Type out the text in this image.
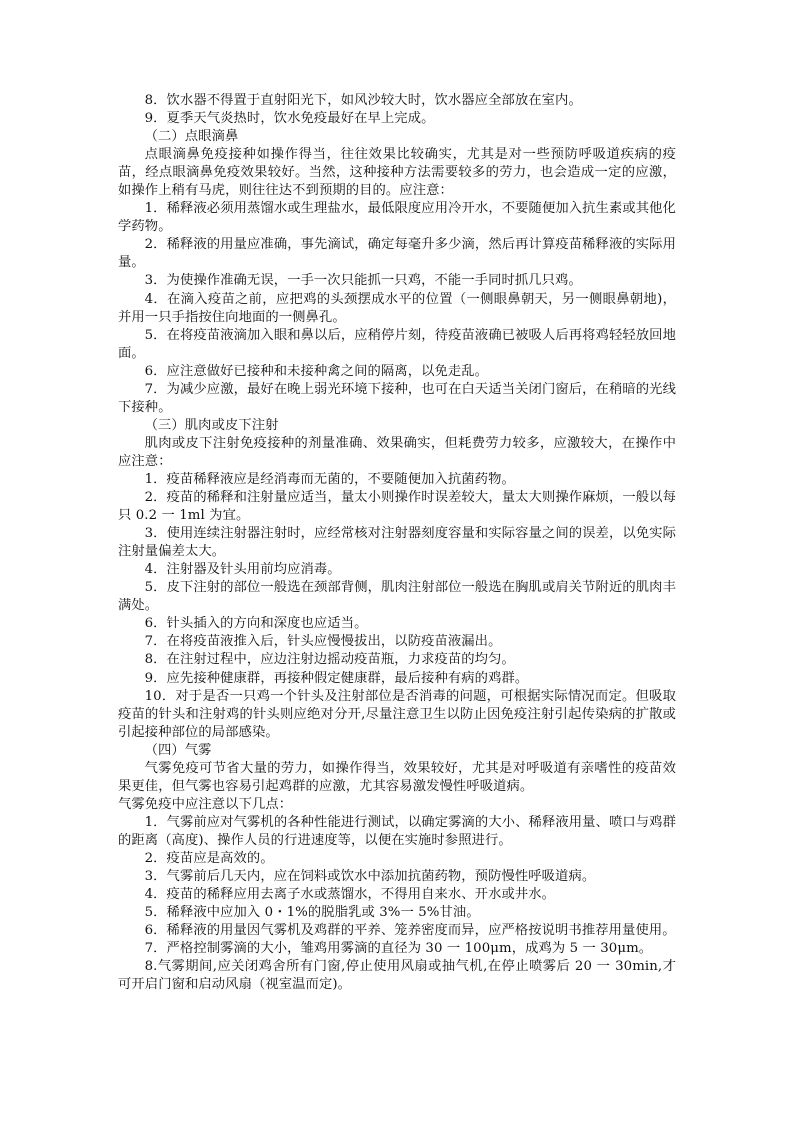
8．饮水器不得置于直射阳光下，如风沙较大时，饮水器应全部放在室内。

9．夏季天气炎热时，饮水免疫最好在早上完成。

（二）点眼滴鼻

点眼滴鼻免疫接种如操作得当，往往效果比较确实，尤其是对一些预防呼吸道疾病的疫苗，经点眼滴鼻免疫效果较好。当然，这种接种方法需要较多的劳力，也会造成一定的应激，如操作上稍有马虎，则往往达不到预期的目的。应注意：

1．稀释液必须用蒸馏水或生理盐水，最低限度应用冷开水，不要随便加入抗生素或其他化学药物。

2．稀释液的用量应准确，事先滴试，确定每毫升多少滴，然后再计算疫苗稀释液的实际用量。

3．为使操作准确无误，一手一次只能抓一只鸡，不能一手同时抓几只鸡。

4．在滴入疫苗之前，应把鸡的头颈摆成水平的位置（一侧眼鼻朝天，另一侧眼鼻朝地)，并用一只手指按住向地面的一侧鼻孔。

5．在将疫苗液滴加入眼和鼻以后，应稍停片刻，待疫苗液确已被吸人后再将鸡轻轻放回地面。

6．应注意做好已接种和未接种禽之间的隔离，以免走乱。

7．为减少应激，最好在晚上弱光环境下接种，也可在白天适当关闭门窗后，在稍暗的光线下接种。

（三）肌肉或皮下注射

肌肉或皮下注射免疫接种的剂量准确、效果确实，但耗费劳力较多，应激较大，在操作中应注意：

1．疫苗稀释液应是经消毒而无菌的，不要随便加入抗菌药物。

2．疫苗的稀释和注射量应适当，量太小则操作时误差较大，量太大则操作麻烦，一般以每只 0.2 一 1ml 为宜。

3．使用连续注射器注射时，应经常核对注射器刻度容量和实际容量之间的误差，以免实际注射量偏差太大。

4．注射器及针头用前均应消毒。

5．皮下注射的部位一般选在颈部背侧，肌肉注射部位一般选在胸肌或肩关节附近的肌肉丰满处。

6．针头插入的方向和深度也应适当。

7．在将疫苗液推入后，针头应慢慢拔出，以防疫苗液漏出。

8．在注射过程中，应边注射边摇动疫苗瓶，力求疫苗的均匀。

9．应先接种健康群，再接种假定健康群，最后接种有病的鸡群。

10．对于是否一只鸡一个针头及注射部位是否消毒的问题，可根据实际情况而定。但吸取疫苗的针头和注射鸡的针头则应绝对分开,尽量注意卫生以防止因免疫注射引起传染病的扩散或引起接种部位的局部感染。

（四）气雾

气雾免疫可节省大量的劳力，如操作得当，效果较好，尤其是对呼吸道有亲嗜性的疫苗效果更佳，但气雾也容易引起鸡群的应激，尤其容易激发慢性呼吸道病。

气雾免疫中应注意以下几点：

1．气雾前应对气雾机的各种性能进行测试，以确定雾滴的大小、稀释液用量、喷口与鸡群的距离（高度)、操作人员的行进速度等，以便在实施时参照进行。

2．疫苗应是高效的。

3．气雾前后几天内，应在饲料或饮水中添加抗菌药物，预防慢性呼吸道病。

4．疫苗的稀释应用去离子水或蒸馏水，不得用自来水、开水或井水。

5．稀释液中应加入 0・1%的脱脂乳或 3%一 5%甘油。

6．稀释液的用量因气雾机及鸡群的平养、笼养密度而异，应严格按说明书推荐用量使用。

7．严格控制雾滴的大小，雏鸡用雾滴的直径为 30 一 100μm，成鸡为 5 一 30μm。

8.气雾期间,应关闭鸡舍所有门窗,停止使用风扇或抽气机,在停止喷雾后 20 一 30min,才可开启门窗和启动风扇（视室温而定)。
